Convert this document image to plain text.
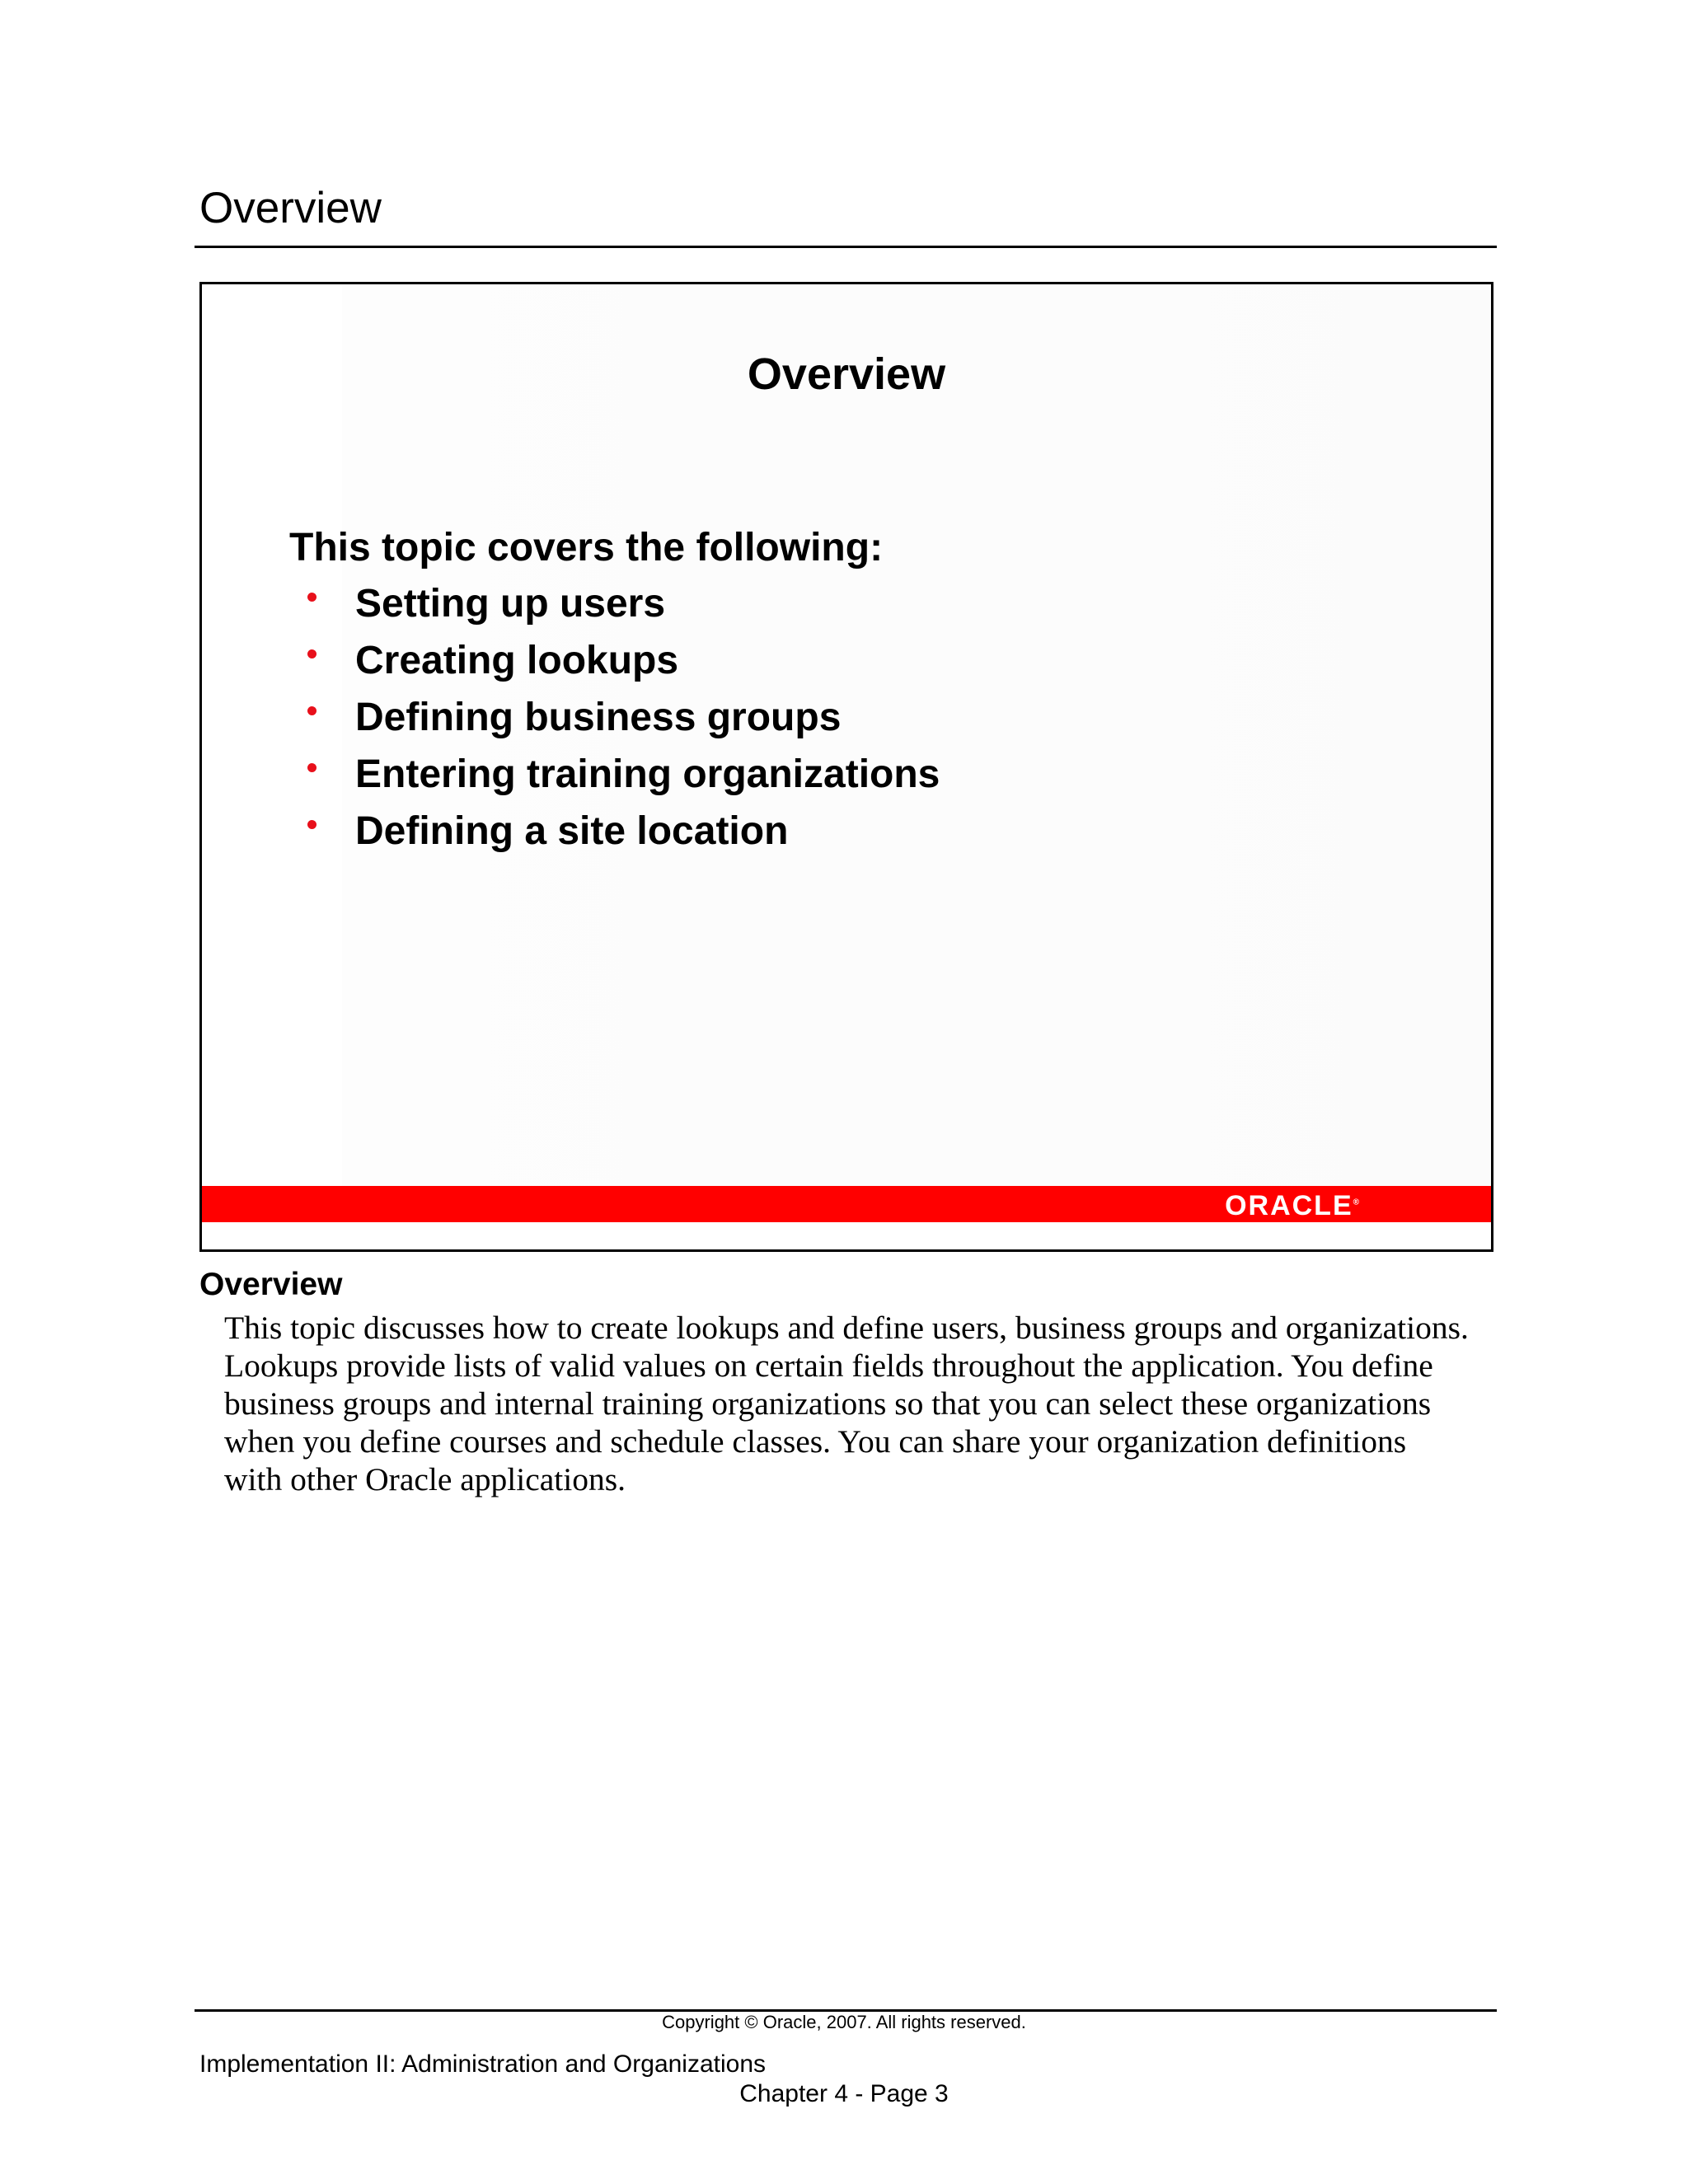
Overview
Overview
This topic covers the following:
Setting up users
Creating lookups
Defining business groups
Entering training organizations
Defining a site location
ORACLE®
Overview

This topic discusses how to create lookups and define users, business groups and organizations.
Lookups provide lists of valid values on certain fields throughout the application. You define
business groups and internal training organizations so that you can select these organizations
when you define courses and schedule classes. You can share your organization definitions
with other Oracle applications.

Copyright © Oracle, 2007. All rights reserved.
Implementation II: Administration and Organizations
Chapter 4 - Page 3
